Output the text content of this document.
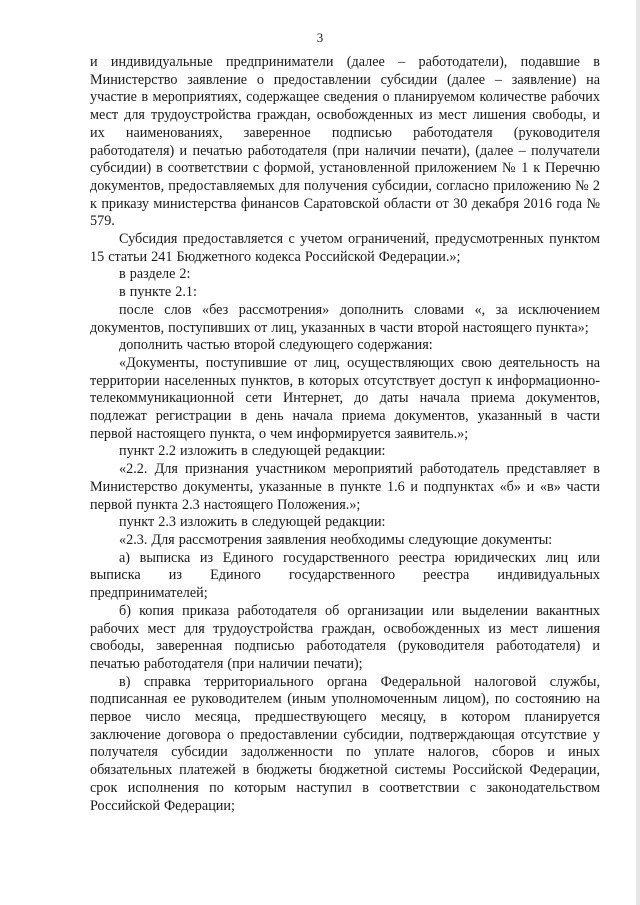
3

и индивидуальные предприниматели (далее – работодатели), подавшие в Министерство заявление о предоставлении субсидии (далее – заявление) на участие в мероприятиях, содержащее сведения о планируемом количестве рабочих мест для трудоустройства граждан, освобожденных из мест лишения свободы, и их наименованиях, заверенное подписью работодателя (руководителя работодателя) и печатью работодателя (при наличии печати), (далее – получатели субсидии) в соответствии с формой, установленной приложением № 1 к Перечню документов, предоставляемых для получения субсидии, согласно приложению № 2 к приказу министерства финансов Саратовской области от 30 декабря 2016 года № 579.

Субсидия предоставляется с учетом ограничений, предусмотренных пунктом 15 статьи 241 Бюджетного кодекса Российской Федерации.»;

в разделе 2:

в пункте 2.1:

после слов «без рассмотрения» дополнить словами «, за исключением документов, поступивших от лиц, указанных в части второй настоящего пункта»;

дополнить частью второй следующего содержания:

«Документы, поступившие от лиц, осуществляющих свою деятельность на территории населенных пунктов, в которых отсутствует доступ к информационно-телекоммуникационной сети Интернет, до даты начала приема документов, подлежат регистрации в день начала приема документов, указанный в части первой настоящего пункта, о чем информируется заявитель.»;

пункт 2.2 изложить в следующей редакции:

«2.2. Для признания участником мероприятий работодатель представляет в Министерство документы, указанные в пункте 1.6 и подпунктах «б» и «в» части первой пункта 2.3 настоящего Положения.»;

пункт 2.3 изложить в следующей редакции:

«2.3. Для рассмотрения заявления необходимы следующие документы:

а) выписка из Единого государственного реестра юридических лиц или выписка из Единого государственного реестра индивидуальных предпринимателей;

б) копия приказа работодателя об организации или выделении вакантных рабочих мест для трудоустройства граждан, освобожденных из мест лишения свободы, заверенная подписью работодателя (руководителя работодателя) и печатью работодателя (при наличии печати);

в) справка территориального органа Федеральной налоговой службы, подписанная ее руководителем (иным уполномоченным лицом), по состоянию на первое число месяца, предшествующего месяцу, в котором планируется заключение договора о предоставлении субсидии, подтверждающая отсутствие у получателя субсидии задолженности по уплате налогов, сборов и иных обязательных платежей в бюджеты бюджетной системы Российской Федерации, срок исполнения по которым наступил в соответствии с законодательством Российской Федерации;
